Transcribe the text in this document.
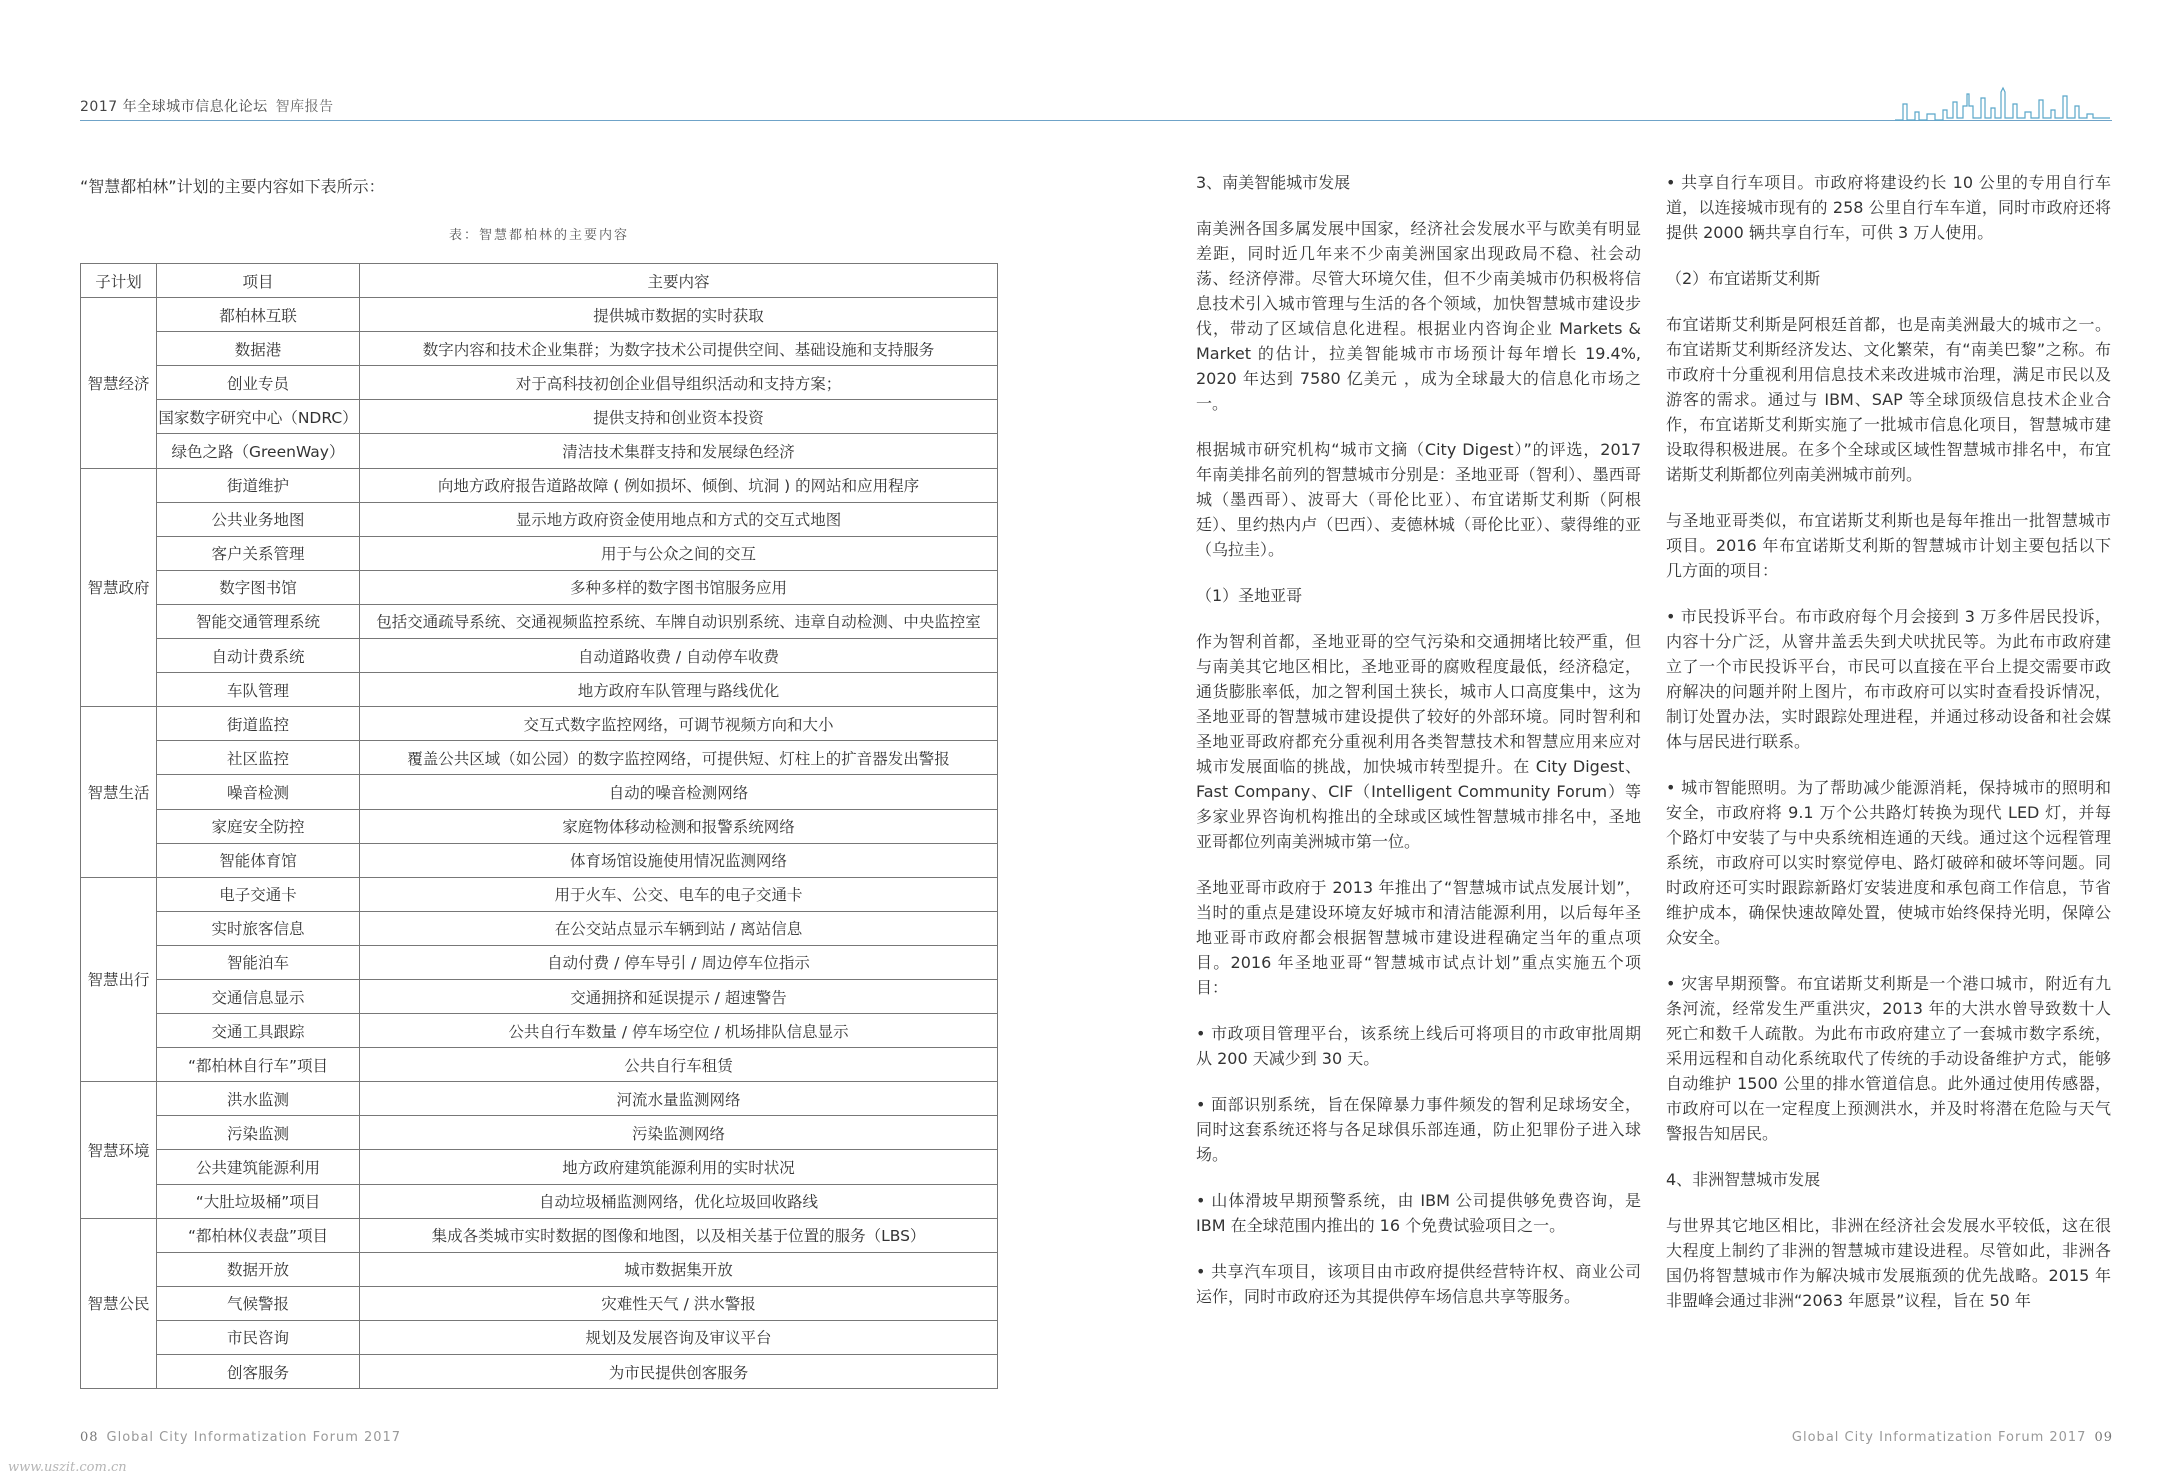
2017 年全球城市信息化论坛 智库报告

“智慧都柏林”计划的主要内容如下表所示：

表：智慧都柏林的主要内容
子计划	项目	主要内容
智慧经济	都柏林互联	提供城市数据的实时获取
	数据港	数字内容和技术企业集群；为数字技术公司提供空间、基础设施和支持服务
	创业专员	对于高科技初创企业倡导组织活动和支持方案；
	国家数字研究中心（NDRC）	提供支持和创业资本投资
	绿色之路（GreenWay）	清洁技术集群支持和发展绿色经济
智慧政府	街道维护	向地方政府报告道路故障 ( 例如损坏、倾倒、坑洞 ) 的网站和应用程序
	公共业务地图	显示地方政府资金使用地点和方式的交互式地图
	客户关系管理	用于与公众之间的交互
	数字图书馆	多种多样的数字图书馆服务应用
	智能交通管理系统	包括交通疏导系统、交通视频监控系统、车牌自动识别系统、违章自动检测、中央监控室
	自动计费系统	自动道路收费 / 自动停车收费
	车队管理	地方政府车队管理与路线优化
智慧生活	街道监控	交互式数字监控网络，可调节视频方向和大小
	社区监控	覆盖公共区域（如公园）的数字监控网络，可提供短、灯柱上的扩音器发出警报
	噪音检测	自动的噪音检测网络
	家庭安全防控	家庭物体移动检测和报警系统网络
	智能体育馆	体育场馆设施使用情况监测网络
智慧出行	电子交通卡	用于火车、公交、电车的电子交通卡
	实时旅客信息	在公交站点显示车辆到站 / 离站信息
	智能泊车	自动付费 / 停车导引 / 周边停车位指示
	交通信息显示	交通拥挤和延误提示 / 超速警告
	交通工具跟踪	公共自行车数量 / 停车场空位 / 机场排队信息显示
	“都柏林自行车”项目	公共自行车租赁
智慧环境	洪水监测	河流水量监测网络
	污染监测	污染监测网络
	公共建筑能源利用	地方政府建筑能源利用的实时状况
	“大肚垃圾桶”项目	自动垃圾桶监测网络，优化垃圾回收路线
智慧公民	“都柏林仪表盘”项目	集成各类城市实时数据的图像和地图，以及相关基于位置的服务（LBS）
	数据开放	城市数据集开放
	气候警报	灾难性天气 / 洪水警报
	市民咨询	规划及发展咨询及审议平台
	创客服务	为市民提供创客服务
3、南美智能城市发展

南美洲各国多属发展中国家，经济社会发展水平与欧美有明显差距，同时近几年来不少南美洲国家出现政局不稳、社会动荡、经济停滞。尽管大环境欠佳，但不少南美城市仍积极将信息技术引入城市管理与生活的各个领域，加快智慧城市建设步伐，带动了区域信息化进程。根据业内咨询企业 Markets & Market 的估计，拉美智能城市市场预计每年增长 19.4%, 2020 年达到 7580 亿美元 ，成为全球最大的信息化市场之一。

根据城市研究机构“城市文摘（City Digest）”的评选，2017 年南美排名前列的智慧城市分别是：圣地亚哥（智利）、墨西哥城（墨西哥）、波哥大（哥伦比亚）、布宜诺斯艾利斯（阿根廷）、里约热内卢（巴西）、麦德林城（哥伦比亚）、蒙得维的亚（乌拉圭）。

（1）圣地亚哥

作为智利首都，圣地亚哥的空气污染和交通拥堵比较严重，但与南美其它地区相比，圣地亚哥的腐败程度最低，经济稳定，通货膨胀率低，加之智利国土狭长，城市人口高度集中，这为圣地亚哥的智慧城市建设提供了较好的外部环境。同时智利和圣地亚哥政府都充分重视利用各类智慧技术和智慧应用来应对城市发展面临的挑战，加快城市转型提升。在 City Digest、Fast Company、CIF（Intelligent Community Forum）等多家业界咨询机构推出的全球或区域性智慧城市排名中，圣地亚哥都位列南美洲城市第一位。

圣地亚哥市政府于 2013 年推出了“智慧城市试点发展计划”，当时的重点是建设环境友好城市和清洁能源利用，以后每年圣地亚哥市政府都会根据智慧城市建设进程确定当年的重点项目。2016 年圣地亚哥“智慧城市试点计划”重点实施五个项目：

• 市政项目管理平台，该系统上线后可将项目的市政审批周期从 200 天减少到 30 天。

• 面部识别系统，旨在保障暴力事件频发的智利足球场安全，同时这套系统还将与各足球俱乐部连通，防止犯罪份子进入球场。

• 山体滑坡早期预警系统，由 IBM 公司提供够免费咨询，是 IBM 在全球范围内推出的 16 个免费试验项目之一。

• 共享汽车项目，该项目由市政府提供经营特许权、商业公司运作，同时市政府还为其提供停车场信息共享等服务。

• 共享自行车项目。市政府将建设约长 10 公里的专用自行车道，以连接城市现有的 258 公里自行车车道，同时市政府还将提供 2000 辆共享自行车，可供 3 万人使用。

（2）布宜诺斯艾利斯

布宜诺斯艾利斯是阿根廷首都，也是南美洲最大的城市之一。布宜诺斯艾利斯经济发达、文化繁荣，有“南美巴黎”之称。布市政府十分重视利用信息技术来改进城市治理，满足市民以及游客的需求。通过与 IBM、SAP 等全球顶级信息技术企业合作，布宜诺斯艾利斯实施了一批城市信息化项目，智慧城市建设取得积极进展。在多个全球或区域性智慧城市排名中，布宜诺斯艾利斯都位列南美洲城市前列。

与圣地亚哥类似，布宜诺斯艾利斯也是每年推出一批智慧城市项目。2016 年布宜诺斯艾利斯的智慧城市计划主要包括以下几方面的项目：

• 市民投诉平台。布市政府每个月会接到 3 万多件居民投诉，内容十分广泛，从窨井盖丢失到犬吠扰民等。为此布市政府建立了一个市民投诉平台，市民可以直接在平台上提交需要市政府解决的问题并附上图片，布市政府可以实时查看投诉情况，制订处置办法，实时跟踪处理进程，并通过移动设备和社会媒体与居民进行联系。

• 城市智能照明。为了帮助减少能源消耗，保持城市的照明和安全，市政府将 9.1 万个公共路灯转换为现代 LED 灯，并每个路灯中安装了与中央系统相连通的天线。通过这个远程管理系统，市政府可以实时察觉停电、路灯破碎和破坏等问题。同时政府还可实时跟踪新路灯安装进度和承包商工作信息，节省维护成本，确保快速故障处置，使城市始终保持光明，保障公众安全。

• 灾害早期预警。布宜诺斯艾利斯是一个港口城市，附近有九条河流，经常发生严重洪灾，2013 年的大洪水曾导致数十人死亡和数千人疏散。为此布市政府建立了一套城市数字系统，采用远程和自动化系统取代了传统的手动设备维护方式，能够自动维护 1500 公里的排水管道信息。此外通过使用传感器，市政府可以在一定程度上预测洪水，并及时将潜在危险与天气警报告知居民。

4、非洲智慧城市发展

与世界其它地区相比，非洲在经济社会发展水平较低，这在很大程度上制约了非洲的智慧城市建设进程。尽管如此，非洲各国仍将智慧城市作为解决城市发展瓶颈的优先战略。2015 年非盟峰会通过非洲“2063 年愿景”议程，旨在 50 年

08 Global City Informatization Forum 2017	Global City Informatization Forum 2017 09
www.uszit.com.cn
